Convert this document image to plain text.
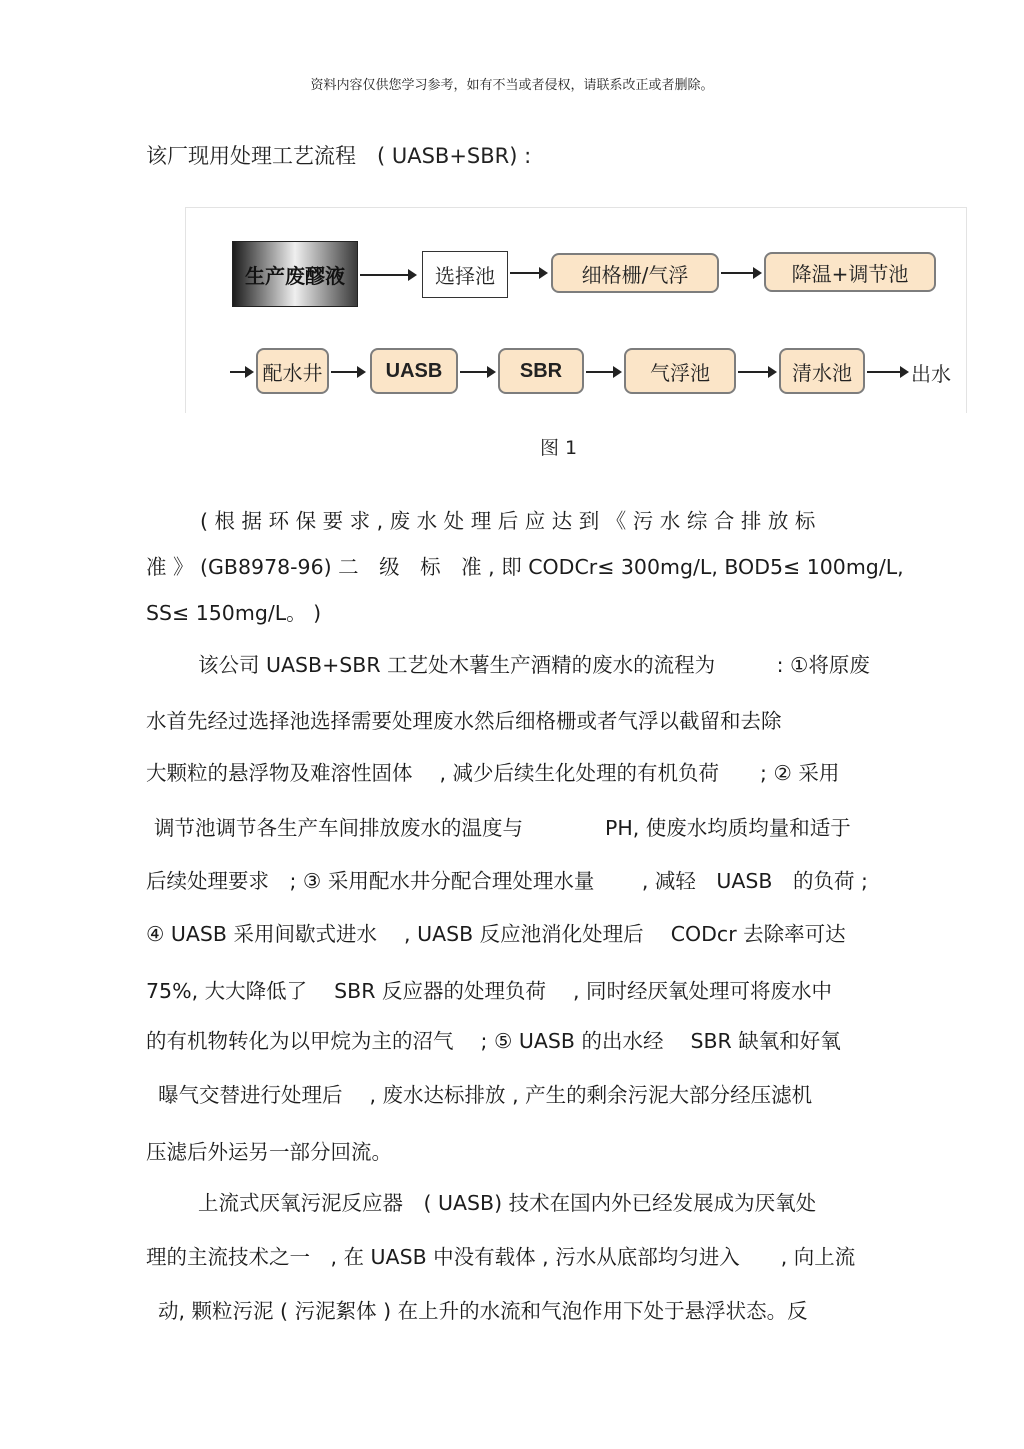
资料内容仅供您学习参考，如有不当或者侵权，请联系改正或者删除。
该厂现用处理工艺流程　( UASB+SBR) :
生产废醪液	选择池	细格栅/气浮	降温+调节池
配水井	UASB	SBR	气浮池	清水池	出水
图 1
( 根 据 环 保 要 求 , 废 水 处 理 后 应 达 到 《 污 水 综 合 排 放 标
准 》 (GB8978-96) 二　级　标　准 , 即 CODCr≤ 300mg/L, BOD5≤ 100mg/L,
SS≤ 150mg/L。 )
该公司 UASB+SBR 工艺处木薯生产酒精的废水的流程为　　　: ①将原废
水首先经过选择池选择需要处理废水然后细格栅或者气浮以截留和去除
大颗粒的悬浮物及难溶性固体　 , 减少后续生化处理的有机负荷　　; ② 采用
调节池调节各生产车间排放废水的温度与　　　　PH, 使废水均质均量和适于
后续处理要求　; ③ 采用配水井分配合理处理水量　　 , 减轻　UASB　的负荷 ;
④ UASB 采用间歇式进水　 , UASB 反应池消化处理后　 CODcr 去除率可达
75%, 大大降低了　 SBR 反应器的处理负荷　 , 同时经厌氧处理可将废水中
的有机物转化为以甲烷为主的沼气　 ; ⑤ UASB 的出水经　 SBR 缺氧和好氧
曝气交替进行处理后　 , 废水达标排放 , 产生的剩余污泥大部分经压滤机
压滤后外运另一部分回流。
上流式厌氧污泥反应器　( UASB) 技术在国内外已经发展成为厌氧处
理的主流技术之一　, 在 UASB 中没有载体 , 污水从底部均匀进入　　, 向上流
动, 颗粒污泥 ( 污泥絮体 ) 在上升的水流和气泡作用下处于悬浮状态。反
